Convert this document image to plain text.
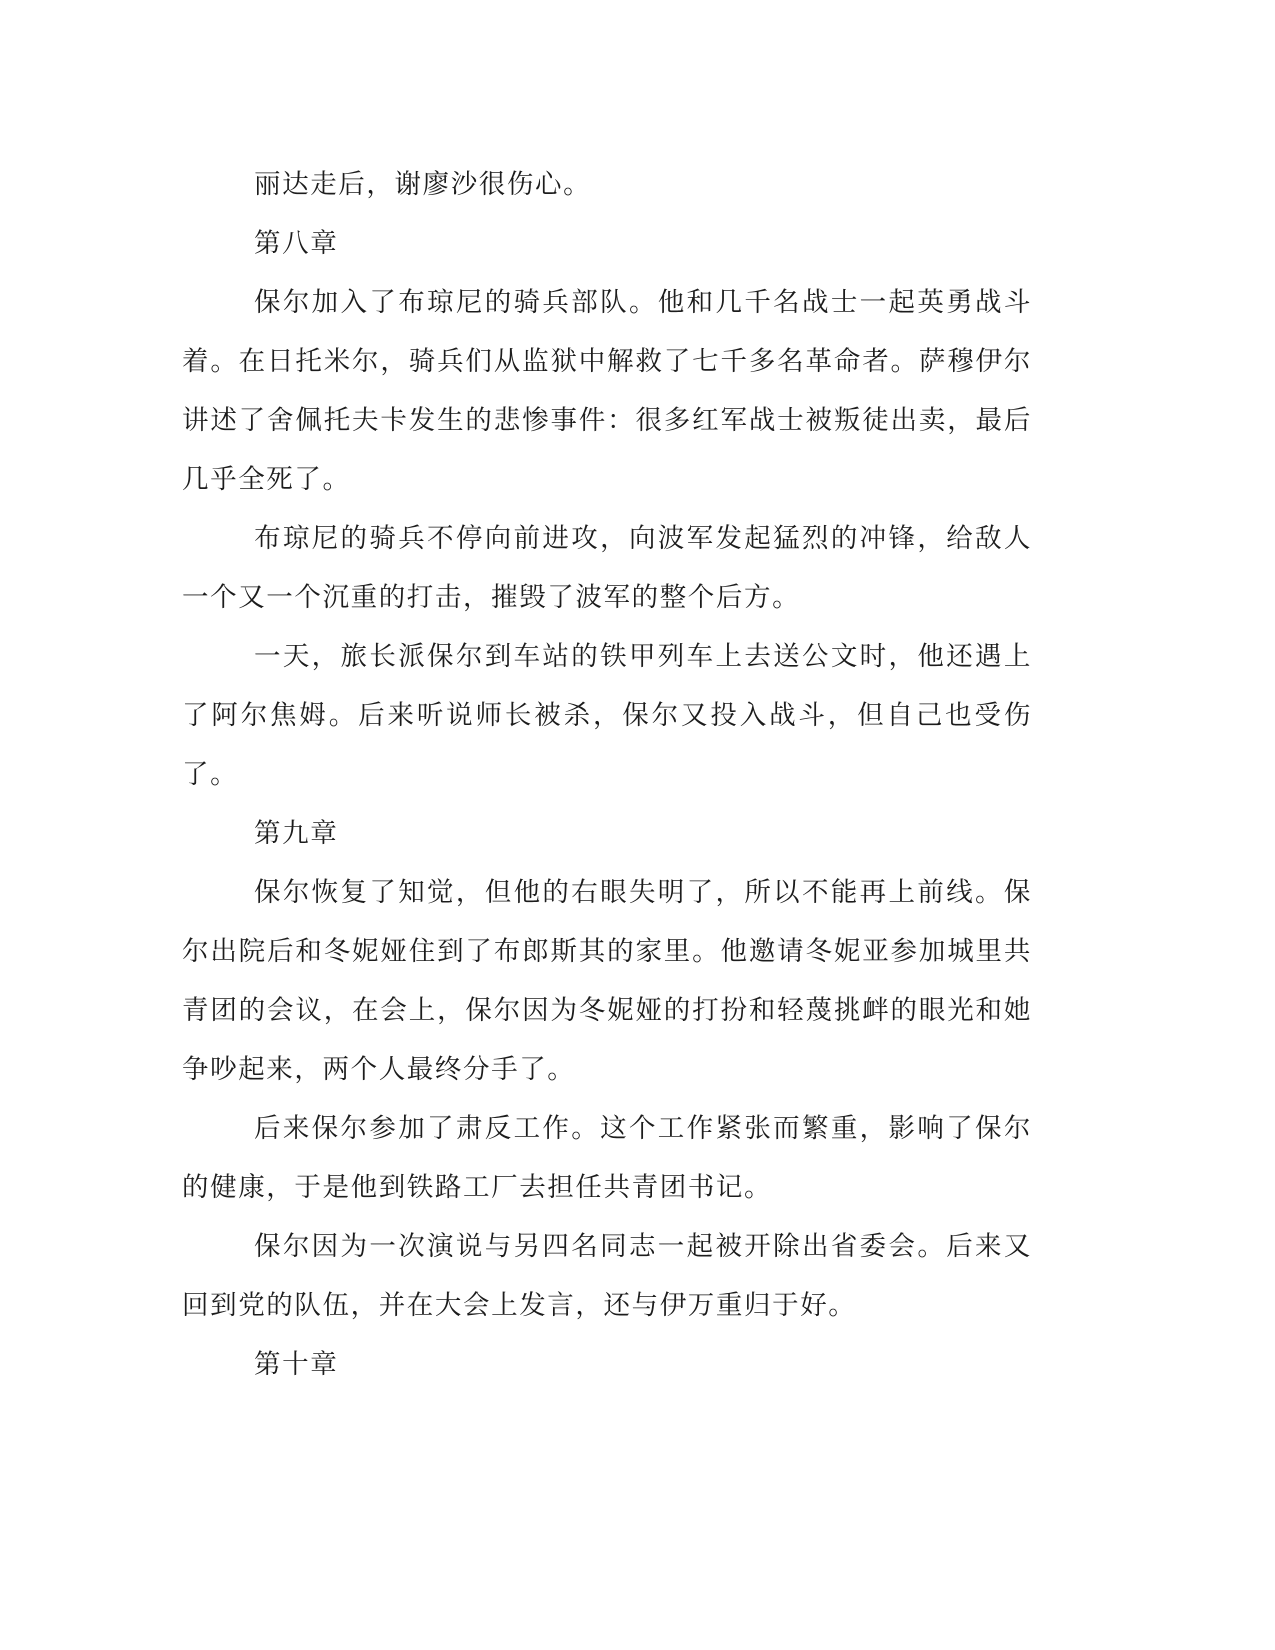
丽达走后，谢廖沙很伤心。

第八章

保尔加入了布琼尼的骑兵部队。他和几千名战士一起英勇战斗着。在日托米尔，骑兵们从监狱中解救了七千多名革命者。萨穆伊尔讲述了舍佩托夫卡发生的悲惨事件：很多红军战士被叛徒出卖，最后几乎全死了。

布琼尼的骑兵不停向前进攻，向波军发起猛烈的冲锋，给敌人一个又一个沉重的打击，摧毁了波军的整个后方。

一天，旅长派保尔到车站的铁甲列车上去送公文时，他还遇上了阿尔焦姆。后来听说师长被杀，保尔又投入战斗，但自己也受伤了。

第九章

保尔恢复了知觉，但他的右眼失明了，所以不能再上前线。保尔出院后和冬妮娅住到了布郎斯其的家里。他邀请冬妮亚参加城里共青团的会议，在会上，保尔因为冬妮娅的打扮和轻蔑挑衅的眼光和她争吵起来，两个人最终分手了。

后来保尔参加了肃反工作。这个工作紧张而繁重，影响了保尔的健康，于是他到铁路工厂去担任共青团书记。

保尔因为一次演说与另四名同志一起被开除出省委会。后来又回到党的队伍，并在大会上发言，还与伊万重归于好。

第十章
